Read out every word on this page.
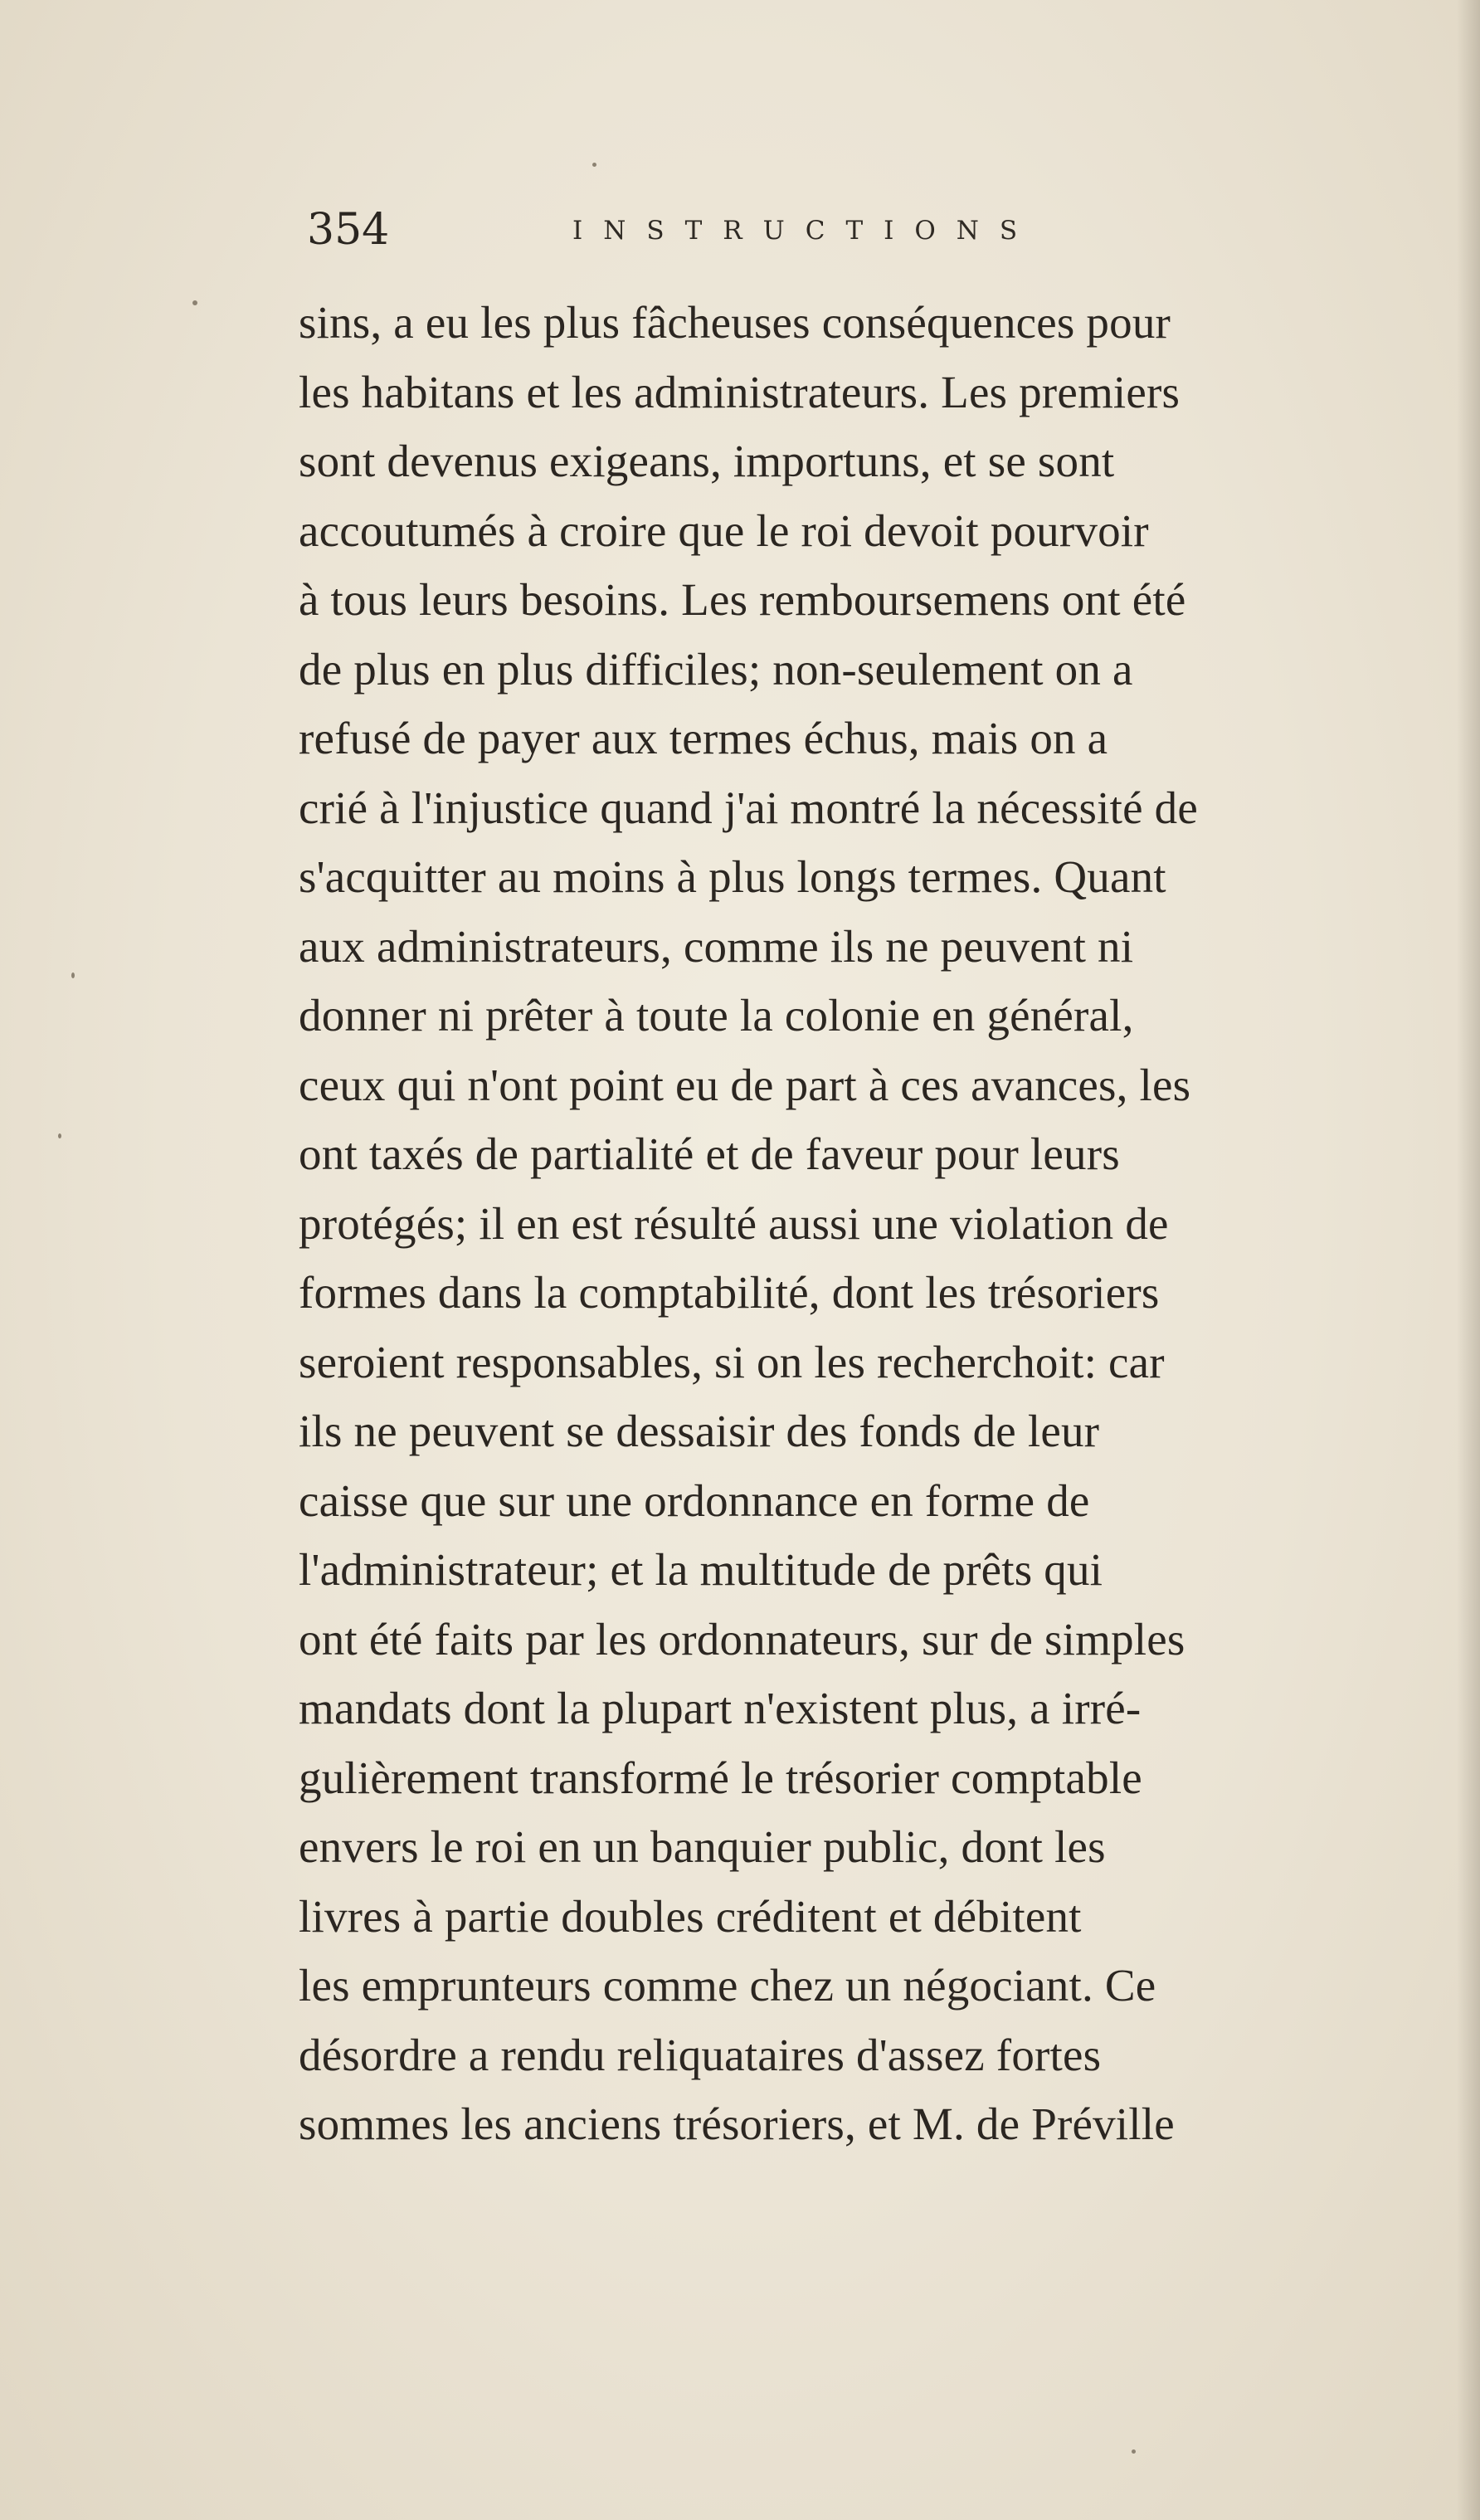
354	INSTRUCTIONS
sins, a eu les plus fâcheuses conséquences pour
les habitans et les administrateurs. Les premiers
sont devenus exigeans, importuns, et se sont
accoutumés à croire que le roi devoit pourvoir
à tous leurs besoins. Les remboursemens ont été
de plus en plus difficiles; non-seulement on a
refusé de payer aux termes échus, mais on a
crié à l'injustice quand j'ai montré la nécessité de
s'acquitter au moins à plus longs termes. Quant
aux administrateurs, comme ils ne peuvent ni
donner ni prêter à toute la colonie en général,
ceux qui n'ont point eu de part à ces avances, les
ont taxés de partialité et de faveur pour leurs
protégés; il en est résulté aussi une violation de
formes dans la comptabilité, dont les trésoriers
seroient responsables, si on les recherchoit: car
ils ne peuvent se dessaisir des fonds de leur
caisse que sur une ordonnance en forme de
l'administrateur; et la multitude de prêts qui
ont été faits par les ordonnateurs, sur de simples
mandats dont la plupart n'existent plus, a irré-
gulièrement transformé le trésorier comptable
envers le roi en un banquier public, dont les
livres à partie doubles créditent et débitent
les emprunteurs comme chez un négociant. Ce
désordre a rendu reliquataires d'assez fortes
sommes les anciens trésoriers, et M. de Préville
